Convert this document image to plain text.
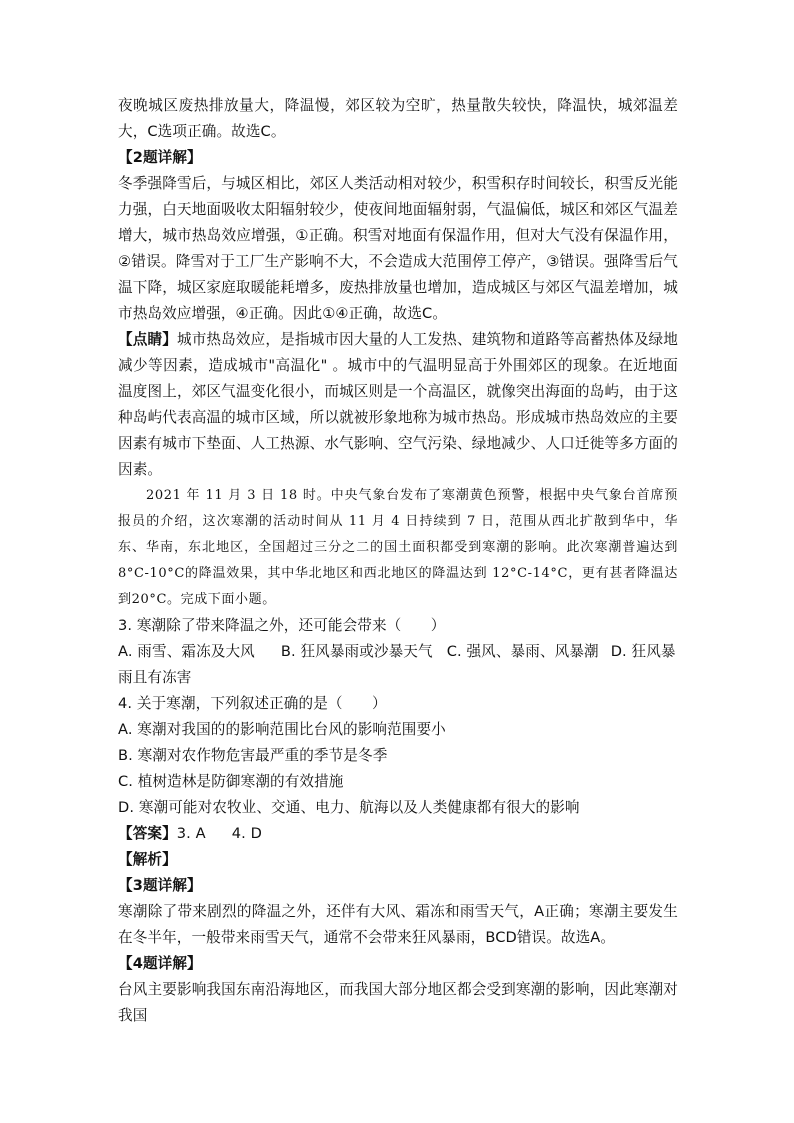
夜晚城区废热排放量大，降温慢，郊区较为空旷，热量散失较快，降温快，城郊温差大，C选项正确。故选C。

【2题详解】

冬季强降雪后，与城区相比，郊区人类活动相对较少，积雪积存时间较长，积雪反光能力强，白天地面吸收太阳辐射较少，使夜间地面辐射弱，气温偏低，城区和郊区气温差增大，城市热岛效应增强，①正确。积雪对地面有保温作用，但对大气没有保温作用，②错误。降雪对于工厂生产影响不大，不会造成大范围停工停产，③错误。强降雪后气温下降，城区家庭取暖能耗增多，废热排放量也增加，造成城区与郊区气温差增加，城市热岛效应增强，④正确。因此①④正确，故选C。

【点睛】城市热岛效应，是指城市因大量的人工发热、建筑物和道路等高蓄热体及绿地减少等因素，造成城市"高温化" 。城市中的气温明显高于外围郊区的现象。在近地面温度图上，郊区气温变化很小，而城区则是一个高温区，就像突出海面的岛屿，由于这种岛屿代表高温的城市区域，所以就被形象地称为城市热岛。形成城市热岛效应的主要因素有城市下垫面、人工热源、水气影响、空气污染、绿地减少、人口迁徙等多方面的因素。

2021 年 11 月 3 日 18 时。中央气象台发布了寒潮黄色预警，根据中央气象台首席预报员的介绍，这次寒潮的活动时间从 11 月 4 日持续到 7 日，范围从西北扩散到华中，华东、华南，东北地区，全国超过三分之二的国土面积都受到寒潮的影响。此次寒潮普遍达到 8°C-10°C的降温效果，其中华北地区和西北地区的降温达到 12°C-14°C，更有甚者降温达到20°C。完成下面小题。

3. 寒潮除了带来降温之外，还可能会带来（　　）

A. 雨雪、霜冻及大风 B. 狂风暴雨或沙暴天气 C. 强风、暴雨、风暴潮 D. 狂风暴雨且有冻害

4. 关于寒潮，下列叙述正确的是（　　）

A. 寒潮对我国的的影响范围比台风的影响范围要小

B. 寒潮对农作物危害最严重的季节是冬季

C. 植树造林是防御寒潮的有效措施

D. 寒潮可能对农牧业、交通、电力、航海以及人类健康都有很大的影响

【答案】3. A 4. D

【解析】

【3题详解】

寒潮除了带来剧烈的降温之外，还伴有大风、霜冻和雨雪天气，A正确；寒潮主要发生在冬半年，一般带来雨雪天气，通常不会带来狂风暴雨，BCD错误。故选A。

【4题详解】

台风主要影响我国东南沿海地区，而我国大部分地区都会受到寒潮的影响，因此寒潮对我国
